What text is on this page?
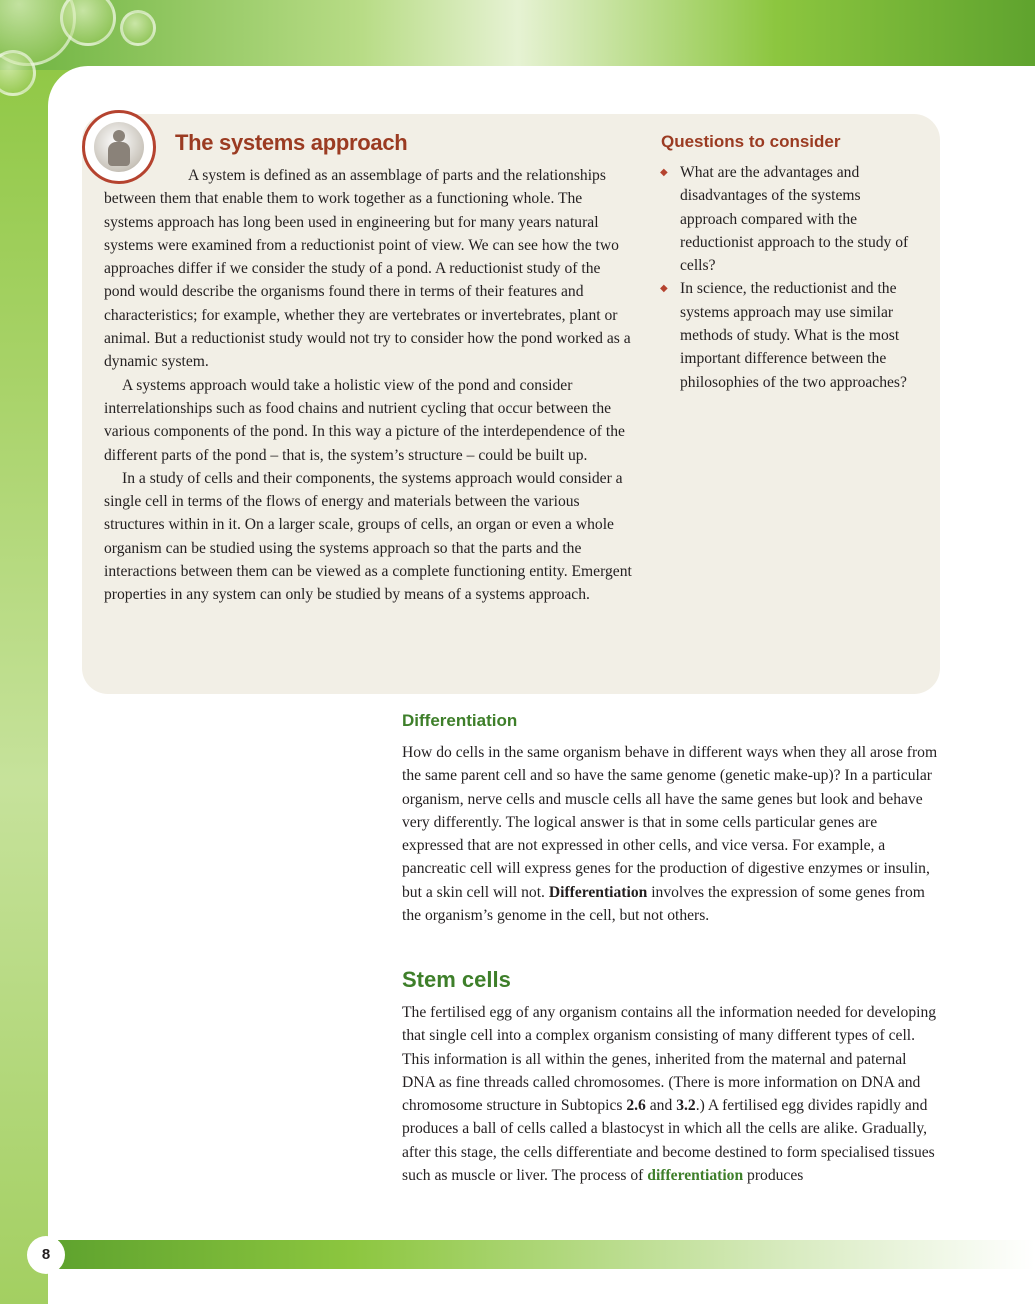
The systems approach

A system is defined as an assemblage of parts and the relationships between them that enable them to work together as a functioning whole. The systems approach has long been used in engineering but for many years natural systems were examined from a reductionist point of view. We can see how the two approaches differ if we consider the study of a pond. A reductionist study of the pond would describe the organisms found there in terms of their features and characteristics; for example, whether they are vertebrates or invertebrates, plant or animal. But a reductionist study would not try to consider how the pond worked as a dynamic system.

A systems approach would take a holistic view of the pond and consider interrelationships such as food chains and nutrient cycling that occur between the various components of the pond. In this way a picture of the interdependence of the different parts of the pond – that is, the system’s structure – could be built up.

In a study of cells and their components, the systems approach would consider a single cell in terms of the flows of energy and materials between the various structures within in it. On a larger scale, groups of cells, an organ or even a whole organism can be studied using the systems approach so that the parts and the interactions between them can be viewed as a complete functioning entity. Emergent properties in any system can only be studied by means of a systems approach.

Questions to consider
◆ What are the advantages and disadvantages of the systems approach compared with the reductionist approach to the study of cells?
◆ In science, the reductionist and the systems approach may use similar methods of study. What is the most important difference between the philosophies of the two approaches?
Differentiation

How do cells in the same organism behave in different ways when they all arose from the same parent cell and so have the same genome (genetic make-up)? In a particular organism, nerve cells and muscle cells all have the same genes but look and behave very differently. The logical answer is that in some cells particular genes are expressed that are not expressed in other cells, and vice versa. For example, a pancreatic cell will express genes for the production of digestive enzymes or insulin, but a skin cell will not. Differentiation involves the expression of some genes from the organism’s genome in the cell, but not others.

Stem cells

The fertilised egg of any organism contains all the information needed for developing that single cell into a complex organism consisting of many different types of cell. This information is all within the genes, inherited from the maternal and paternal DNA as fine threads called chromosomes. (There is more information on DNA and chromosome structure in Subtopics 2.6 and 3.2.) A fertilised egg divides rapidly and produces a ball of cells called a blastocyst in which all the cells are alike. Gradually, after this stage, the cells differentiate and become destined to form specialised tissues such as muscle or liver. The process of differentiation produces

8
